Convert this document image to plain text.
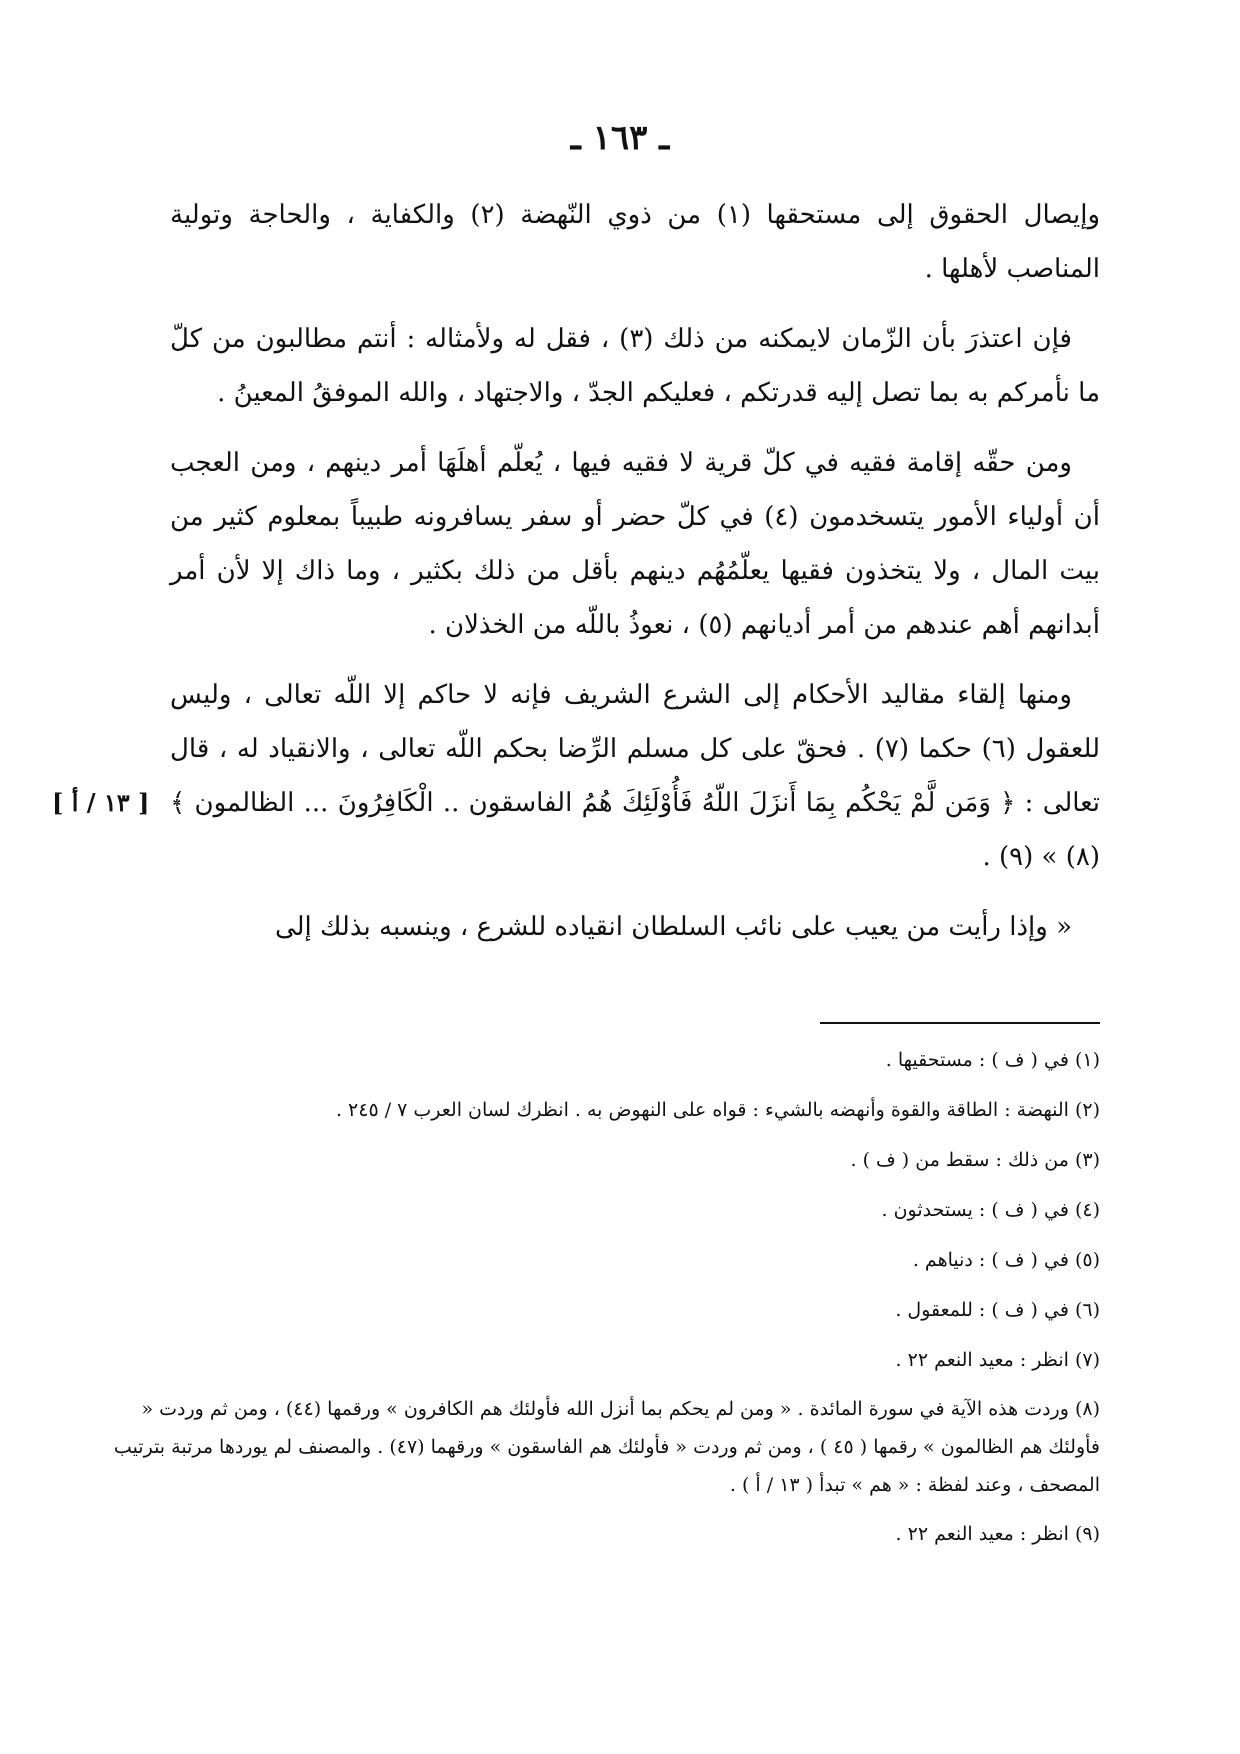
ـ ١٦٣ ـ

وإيصال الحقوق إلى مستحقها (١) من ذوي النّهضة (٢) والكفاية ، والحاجة وتولية المناصب لأهلها .

فإن اعتذرَ بأن الزّمان لايمكنه من ذلك (٣) ، فقل له ولأمثاله : أنتم مطالبون من كلّ ما نأمركم به بما تصل إليه قدرتكم ، فعليكم الجدّ ، والاجتهاد ، والله الموفقُ المعينُ .

ومن حقّه إقامة فقيه في كلّ قرية لا فقيه فيها ، يُعلّم أهلَهَا أمر دينهم ، ومن العجب أن أولياء الأمور يتسخدمون (٤) في كلّ حضر أو سفر يسافرونه طبيباً بمعلوم كثير من بيت المال ، ولا يتخذون فقيها يعلّمُهُم دينهم بأقل من ذلك بكثير ، وما ذاك إلا لأن أمر أبدانهم أهم عندهم من أمر أديانهم (٥) ، نعوذُ باللّه من الخذلان .

ومنها إلقاء مقاليد الأحكام إلى الشرع الشريف فإنه لا حاكم إلا اللّه تعالى ، وليس للعقول (٦) حكما (٧) . فحقّ على كل مسلم الرِّضا بحكم اللّه تعالى ، والانقياد له ، قال تعالى : ﴿ وَمَن لَّمْ يَحْكُم بِمَا أَنزَلَ اللّهُ فَأُوْلَئِكَ هُمُ الفاسقون .. الْكَافِرُونَ ... الظالمون ﴾ (٨) » (٩) .
[ ١٣ / أ ]

« وإذا رأيت من يعيب على نائب السلطان انقياده للشرع ، وينسبه بذلك إلى

(١) في ( ف ) : مستحقيها .

(٢) النهضة : الطاقة والقوة وأنهضه بالشيء : قواه على النهوض به . انظرك لسان العرب ٧ / ٢٤٥ .

(٣) من ذلك : سقط من ( ف ) .

(٤) في ( ف ) : يستحدثون .

(٥) في ( ف ) : دنياهم .

(٦) في ( ف ) : للمعقول .

(٧) انظر : معيد النعم ٢٢ .

(٨) وردت هذه الآية في سورة المائدة . « ومن لم يحكم بما أنزل الله فأولئك هم الكافرون » ورقمها (٤٤) ، ومن ثم وردت « فأولئك هم الظالمون » رقمها ( ٤٥ ) ، ومن ثم وردت « فأولئك هم الفاسقون » ورقهما (٤٧) . والمصنف لم يوردها مرتبة بترتيب المصحف ، وعند لفظة : « هم » تبدأ ( ١٣ / أ ) .

(٩) انظر : معيد النعم ٢٢ .
